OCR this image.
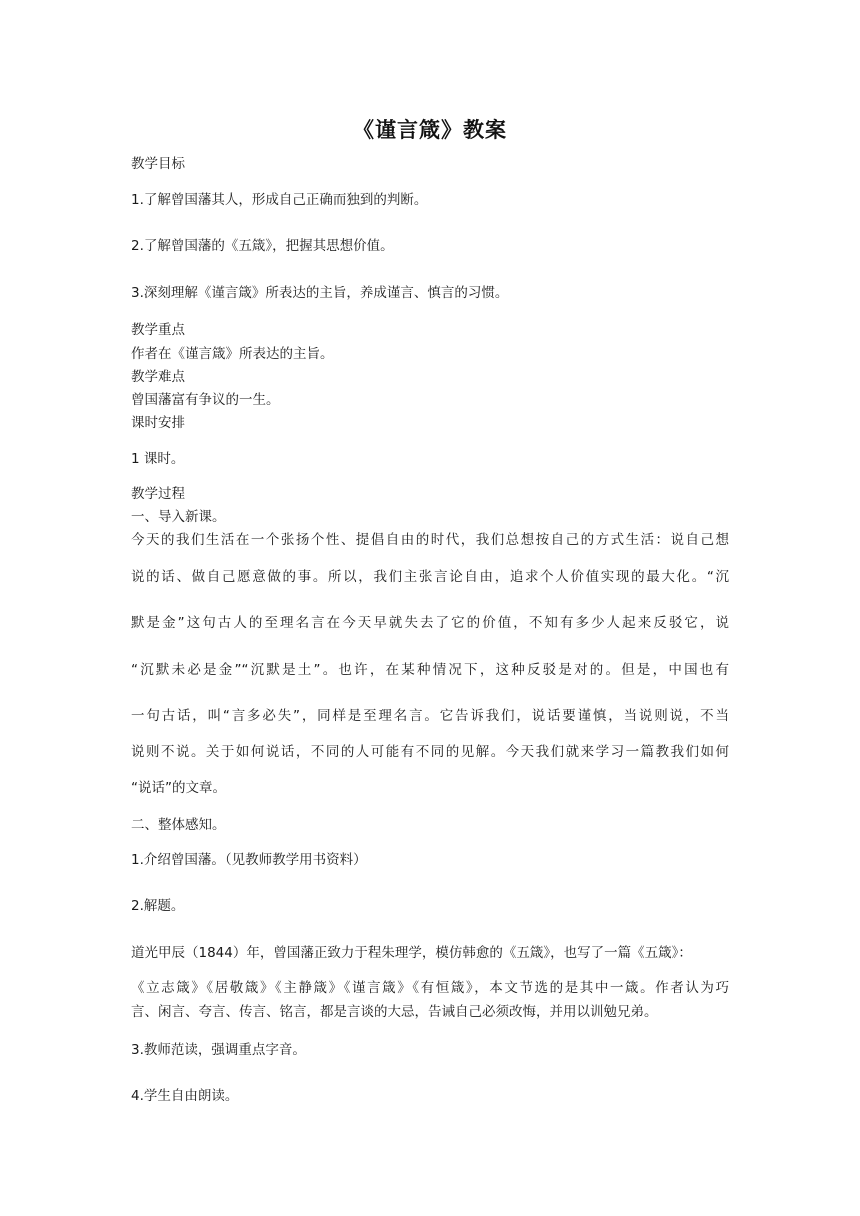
《谨言箴》教案
教学目标
1.了解曾国藩其人，形成自己正确而独到的判断。
2.了解曾国藩的《五箴》，把握其思想价值。
3.深刻理解《谨言箴》所表达的主旨，养成谨言、慎言的习惯。
教学重点
作者在《谨言箴》所表达的主旨。
教学难点
曾国藩富有争议的一生。
课时安排
1 课时。
教学过程
一、导入新课。
今天的我们生活在一个张扬个性、提倡自由的时代，我们总想按自己的方式生活：说自己想
说的话、做自己愿意做的事。所以，我们主张言论自由，追求个人价值实现的最大化。“沉
默是金”这句古人的至理名言在今天早就失去了它的价值，不知有多少人起来反驳它，说
“沉默未必是金”“沉默是土”。也许，在某种情况下，这种反驳是对的。但是，中国也有
一句古话，叫“言多必失”，同样是至理名言。它告诉我们，说话要谨慎，当说则说，不当
说则不说。关于如何说话，不同的人可能有不同的见解。今天我们就来学习一篇教我们如何
“说话”的文章。
二、整体感知。
1.介绍曾国藩。（见教师教学用书资料）
2.解题。
道光甲辰（1844）年，曾国藩正致力于程朱理学，模仿韩愈的《五箴》，也写了一篇《五箴》：
《立志箴》《居敬箴》《主静箴》《谨言箴》《有恒箴》，本文节选的是其中一箴。作者认为巧
言、闲言、夸言、传言、铭言，都是言谈的大忌，告诫自己必须改悔，并用以训勉兄弟。
3.教师范读，强调重点字音。
4.学生自由朗读。
